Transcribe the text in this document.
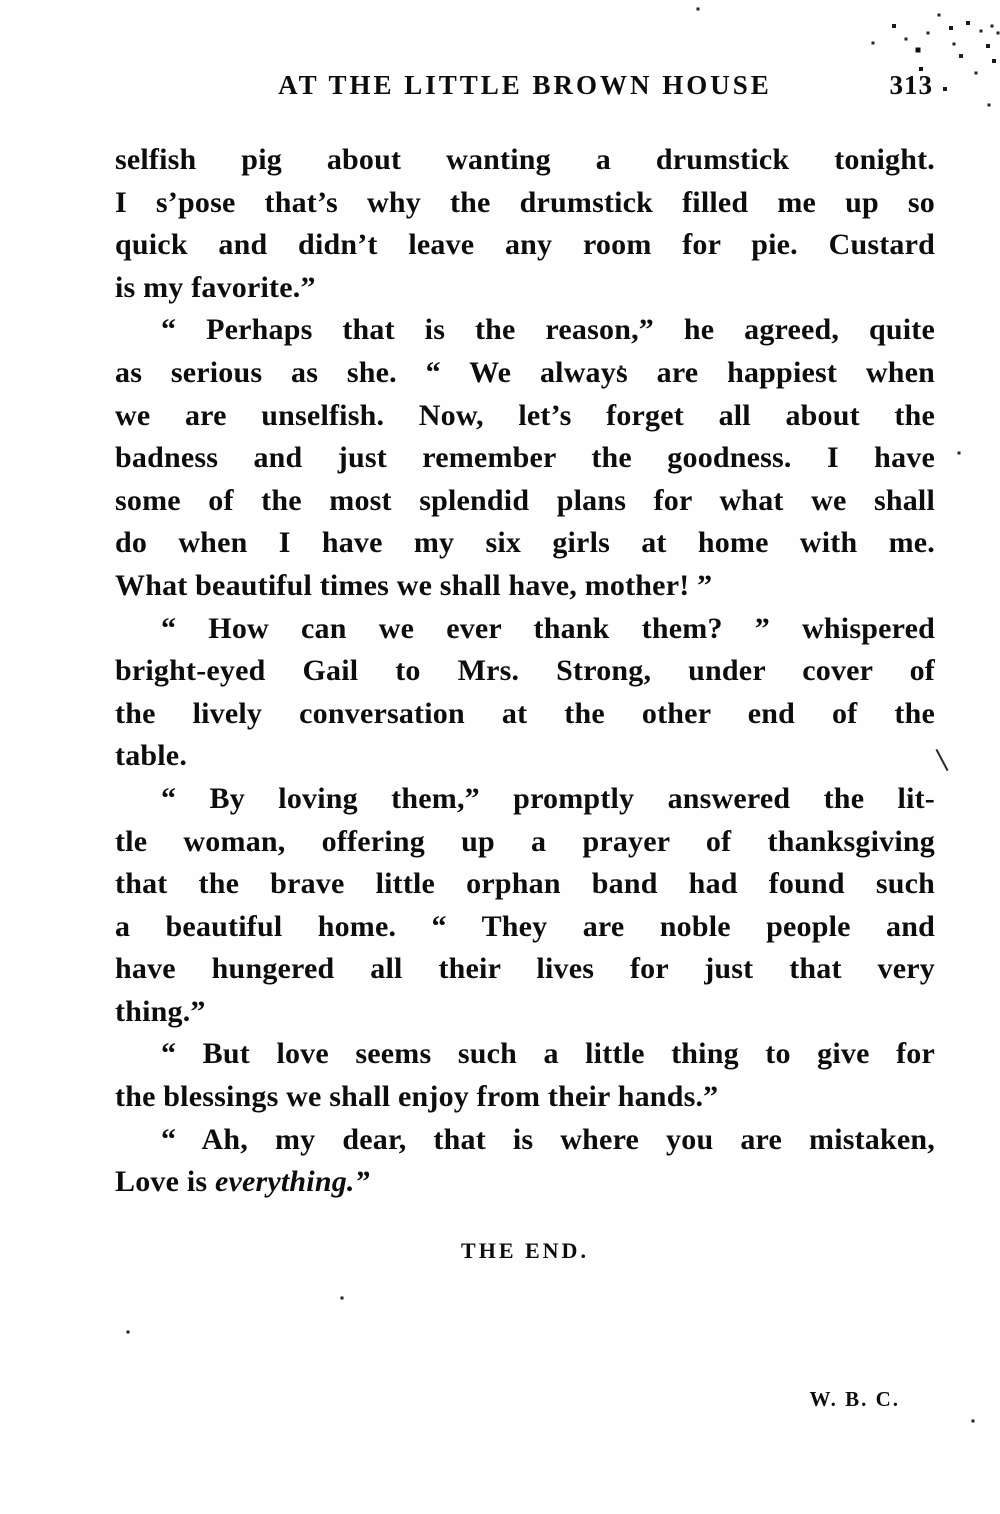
AT THE LITTLE BROWN HOUSE	313
selfish pig about wanting a drumstick tonight.
I s’pose that’s why the drumstick filled me up so
quick and didn’t leave any room for pie. Custard
is my favorite.”
“ Perhaps that is the reason,” he agreed, quite
as serious as she. “ We always are happiest when
we are unselfish. Now, let’s forget all about the
badness and just remember the goodness. I have
some of the most splendid plans for what we shall
do when I have my six girls at home with me.
What beautiful times we shall have, mother! ”
“ How can we ever thank them? ” whispered
bright-eyed Gail to Mrs. Strong, under cover of
the lively conversation at the other end of the
table.
“ By loving them,” promptly answered the lit-
tle woman, offering up a prayer of thanksgiving
that the brave little orphan band had found such
a beautiful home. “ They are noble people and
have hungered all their lives for just that very
thing.”
“ But love seems such a little thing to give for
the blessings we shall enjoy from their hands.”
“ Ah, my dear, that is where you are mistaken,
Love is everything.”
THE END.
W. B. C.
